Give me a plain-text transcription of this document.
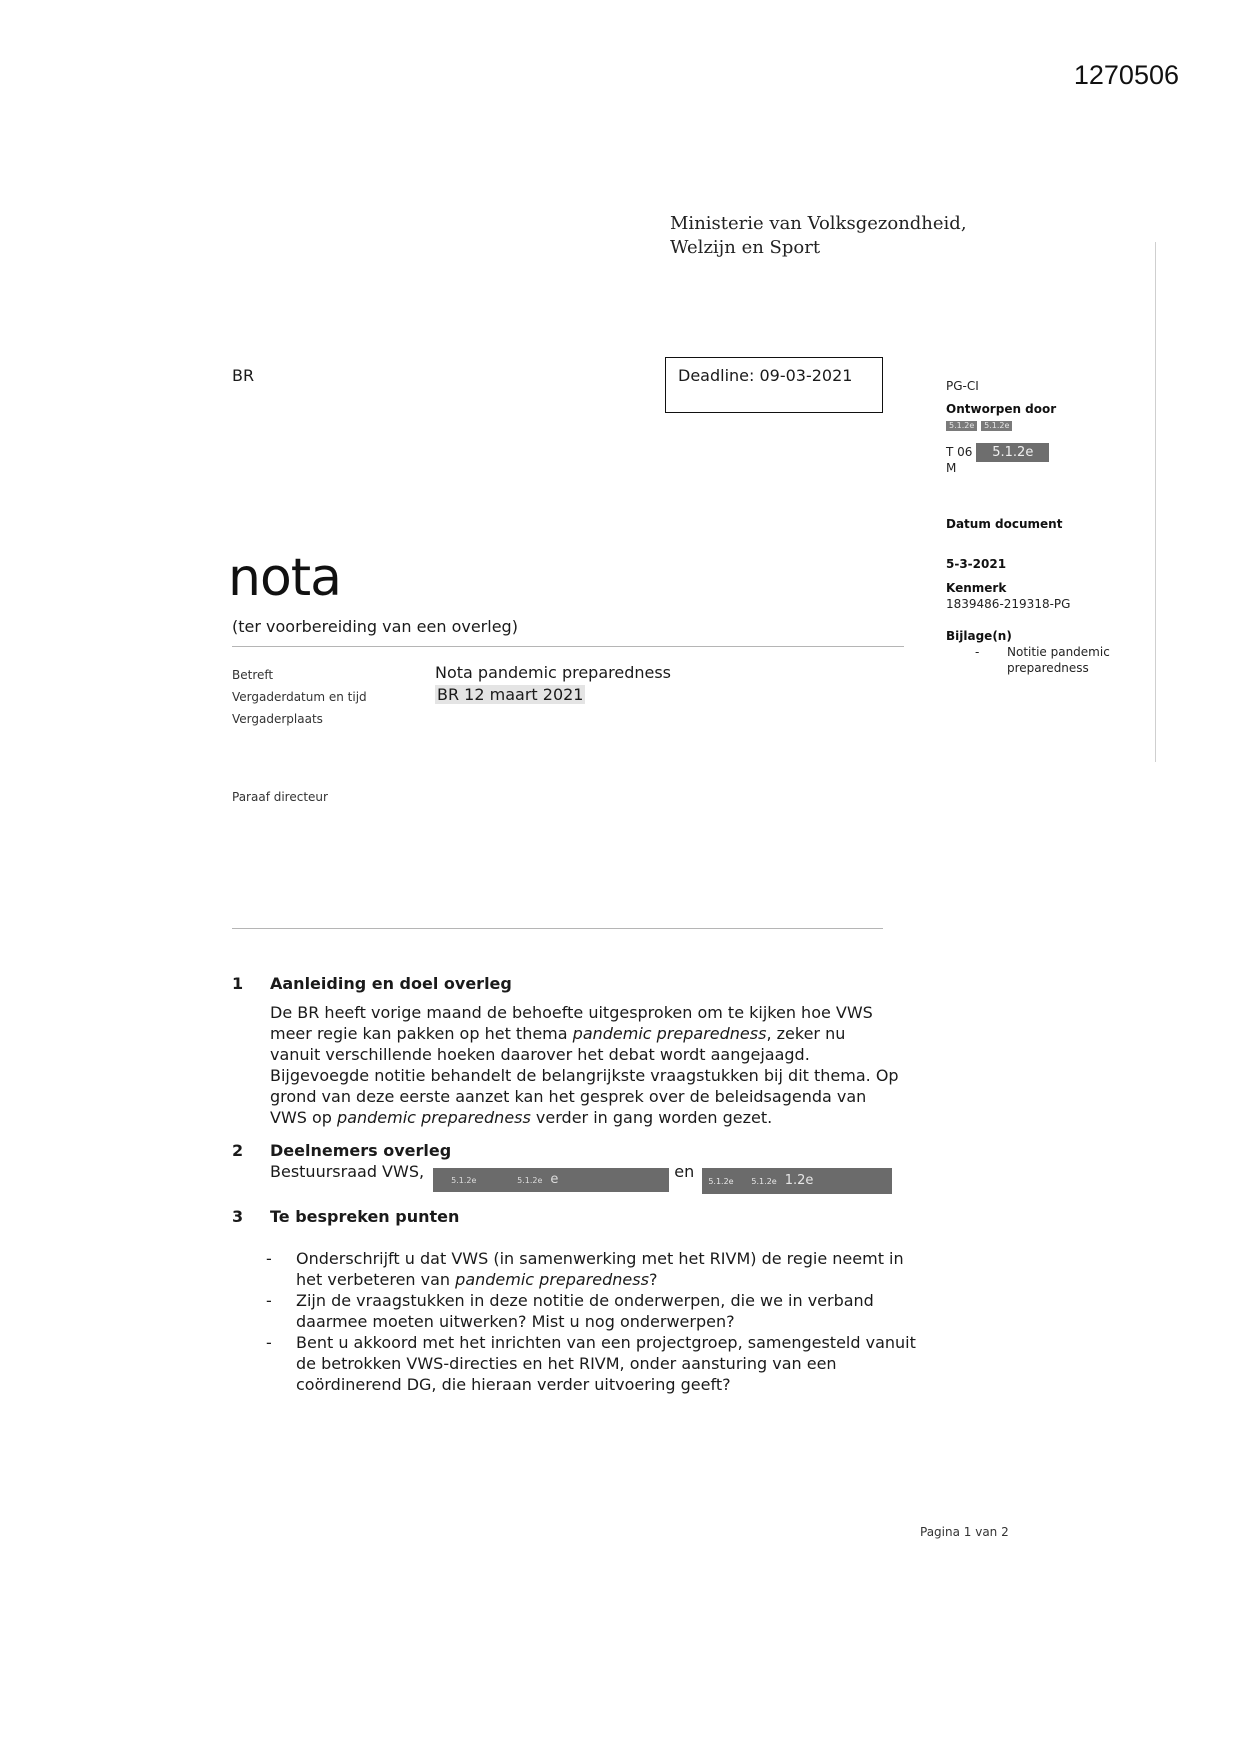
1270506
Ministerie van Volksgezondheid,
Welzijn en Sport
BR	Deadline: 09-03-2021
PG-CI
Ontworpen door
5.1.2e 5.1.2e
T 06 5.1.2e
M
Datum document
5-3-2021
Kenmerk
1839486-219318-PG
Bijlage(n)
- Notitie pandemic
preparedness
nota
(ter voorbereiding van een overleg)
Betreft	Nota pandemic preparedness
Vergaderdatum en tijd	BR 12 maart 2021
Vergaderplaats
Paraaf directeur
1 Aanleiding en doel overleg
De BR heeft vorige maand de behoefte uitgesproken om te kijken hoe VWS
meer regie kan pakken op het thema pandemic preparedness, zeker nu
vanuit verschillende hoeken daarover het debat wordt aangejaagd.
Bijgevoegde notitie behandelt de belangrijkste vraagstukken bij dit thema. Op
grond van deze eerste aanzet kan het gesprek over de beleidsagenda van
VWS op pandemic preparedness verder in gang worden gezet.
2 Deelnemers overleg
Bestuursraad VWS,	5.1.2e	5.1.2e e	en 5.1.2e 5.1.2e 1.2e
3 Te bespreken punten
- Onderschrijft u dat VWS (in samenwerking met het RIVM) de regie neemt in het verbeteren van pandemic preparedness?
- Zijn de vraagstukken in deze notitie de onderwerpen, die we in verband daarmee moeten uitwerken? Mist u nog onderwerpen?
- Bent u akkoord met het inrichten van een projectgroep, samengesteld vanuit de betrokken VWS-directies en het RIVM, onder aansturing van een coördinerend DG, die hieraan verder uitvoering geeft?
Pagina 1 van 2
